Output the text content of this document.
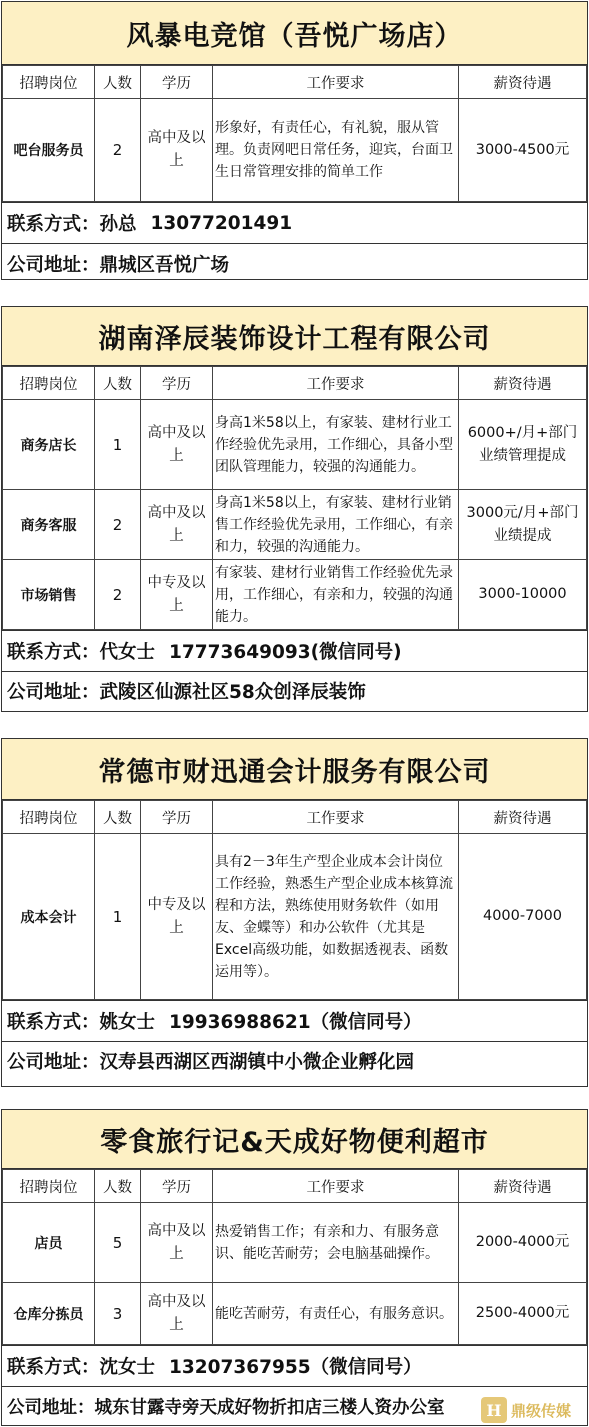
风暴电竞馆（吾悦广场店）
招聘岗位	人数	学历	工作要求	薪资待遇
吧台服务员	2	高中及以上	形象好，有责任心，有礼貌，服从管理。负责网吧日常任务，迎宾，台面卫生日常管理安排的简单工作	3000-4500元
联系方式：孙总 13077201491
公司地址：鼎城区吾悦广场
湖南泽辰装饰设计工程有限公司
招聘岗位	人数	学历	工作要求	薪资待遇
商务店长	1	高中及以上	身高1米58以上，有家装、建材行业工作经验优先录用，工作细心，具备小型团队管理能力，较强的沟通能力。	6000+/月+部门业绩管理提成
商务客服	2	高中及以上	身高1米58以上，有家装、建材行业销售工作经验优先录用，工作细心，有亲和力，较强的沟通能力。	3000元/月+部门业绩提成
市场销售	2	中专及以上	有家装、建材行业销售工作经验优先录用，工作细心，有亲和力，较强的沟通能力。	3000-10000
联系方式：代女士 17773649093(微信同号)
公司地址：武陵区仙源社区58众创泽辰装饰
常德市财迅通会计服务有限公司
招聘岗位	人数	学历	工作要求	薪资待遇
成本会计	1	中专及以上	具有2－3年生产型企业成本会计岗位工作经验，熟悉生产型企业成本核算流程和方法，熟练使用财务软件（如用友、金蝶等）和办公软件（尤其是Excel高级功能，如数据透视表、函数运用等）。	4000-7000
联系方式：姚女士 19936988621（微信同号）
公司地址：汉寿县西湖区西湖镇中小微企业孵化园
零食旅行记&天成好物便利超市
招聘岗位	人数	学历	工作要求	薪资待遇
店员	5	高中及以上	热爱销售工作；有亲和力、有服务意识、能吃苦耐劳；会电脑基础操作。	2000-4000元
仓库分拣员	3	高中及以上	能吃苦耐劳，有责任心，有服务意识。	2500-4000元
联系方式：沈女士 13207367955（微信同号）
公司地址：城东甘露寺旁天成好物折扣店三楼人资办公室	H 鼎级传媒
